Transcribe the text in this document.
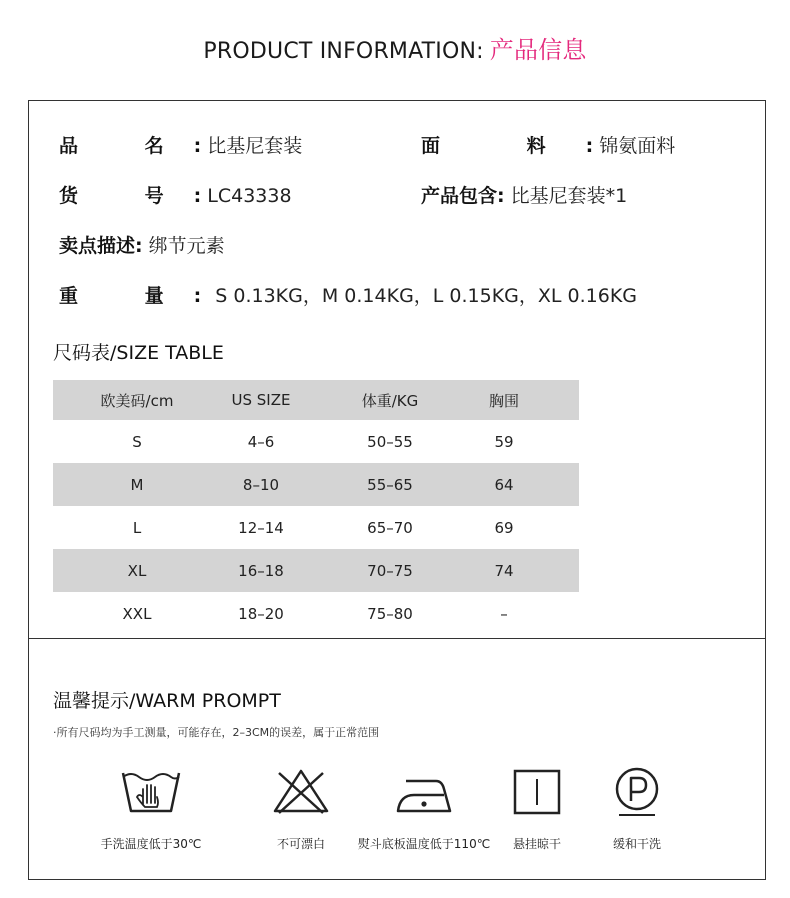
PRODUCT INFORMATION: 产品信息
品 名: 比基尼套装	面 料: 锦氨面料
货 号: LC43338	产品包含: 比基尼套装*1
卖点描述: 绑节元素
重 量: S 0.13KG，M 0.14KG，L 0.15KG，XL 0.16KG
尺码表/SIZE TABLE
欧美码/cm	US SIZE	体重/KG	胸围
S	4–6	50–55	59
M	8–10	55–65	64
L	12–14	65–70	69
XL	16–18	70–75	74
XXL	18–20	75–80	–
温馨提示/WARM PROMPT
·所有尺码均为手工测量，可能存在，2–3CM的误差，属于正常范围
手洗温度低于30℃	不可漂白	熨斗底板温度低于110℃	悬挂晾干	缓和干洗
